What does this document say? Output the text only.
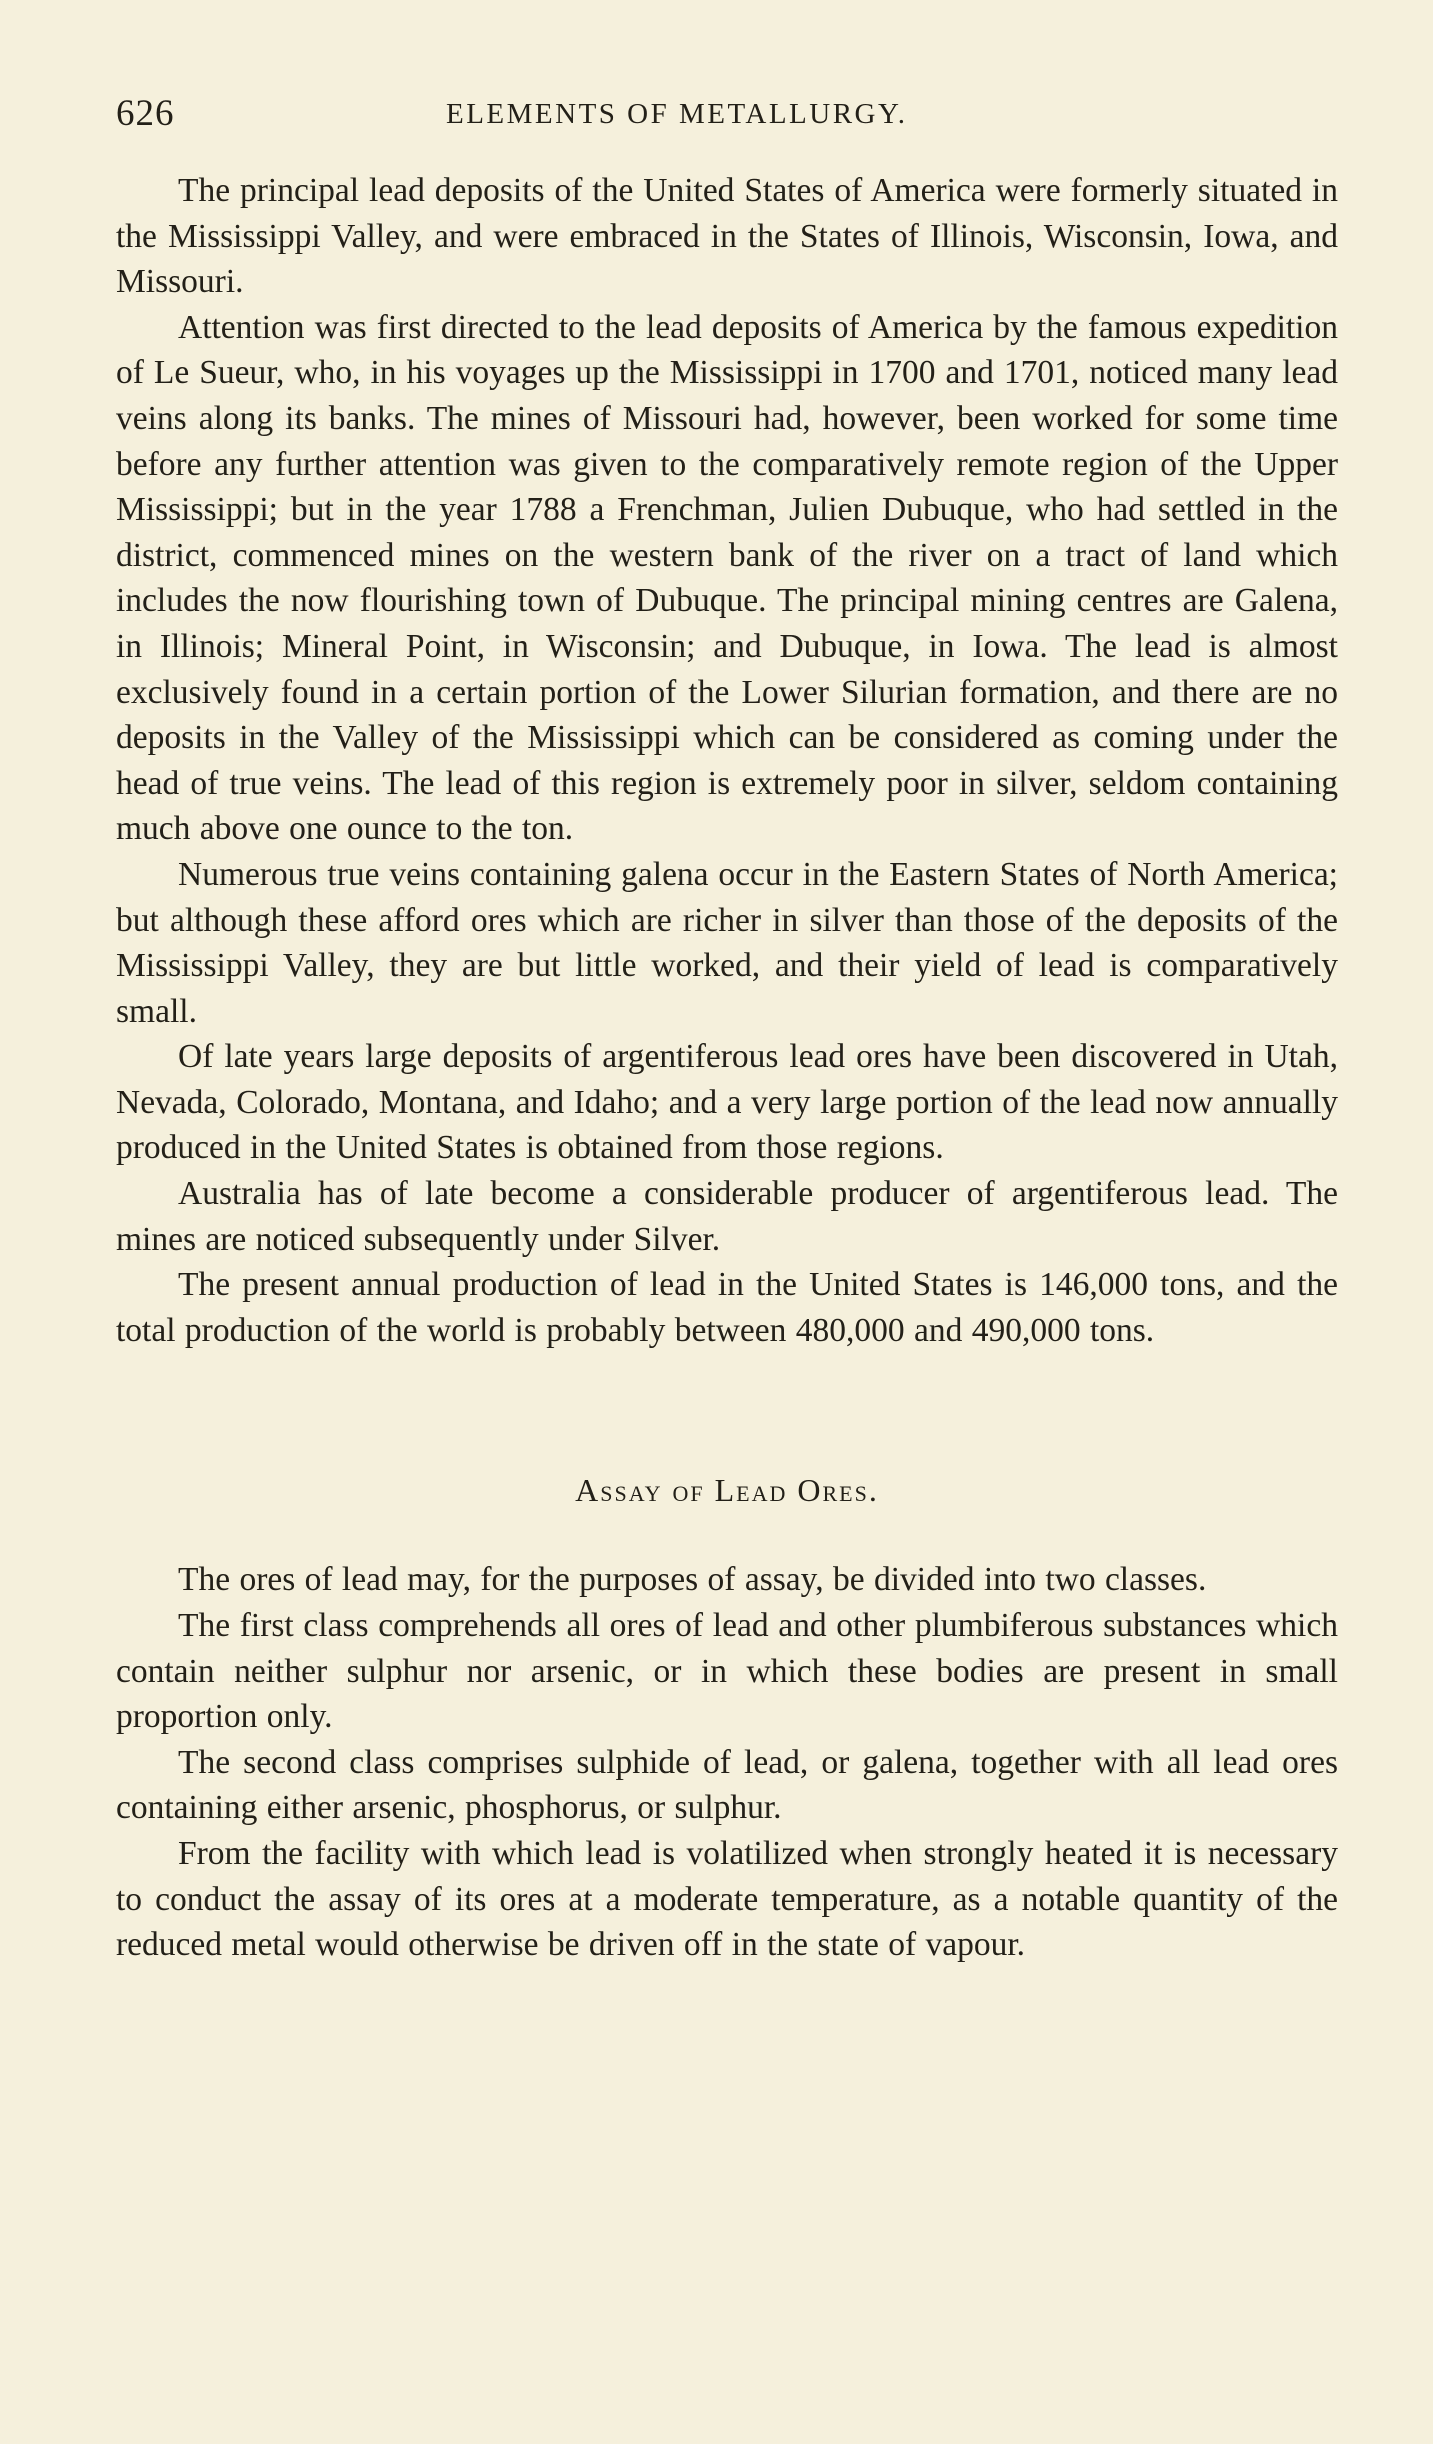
626	ELEMENTS OF METALLURGY.

The principal lead deposits of the United States of America were formerly situated in the Mississippi Valley, and were embraced in the States of Illinois, Wisconsin, Iowa, and Missouri.

Attention was first directed to the lead deposits of America by the famous expedition of Le Sueur, who, in his voyages up the Mississippi in 1700 and 1701, noticed many lead veins along its banks. The mines of Missouri had, however, been worked for some time before any further attention was given to the comparatively remote region of the Upper Mississippi; but in the year 1788 a Frenchman, Julien Dubuque, who had settled in the district, commenced mines on the western bank of the river on a tract of land which includes the now flourishing town of Dubuque. The principal mining centres are Galena, in Illinois; Mineral Point, in Wisconsin; and Dubuque, in Iowa. The lead is almost exclusively found in a certain portion of the Lower Silurian formation, and there are no deposits in the Valley of the Mississippi which can be considered as coming under the head of true veins. The lead of this region is extremely poor in silver, seldom containing much above one ounce to the ton.

Numerous true veins containing galena occur in the Eastern States of North America; but although these afford ores which are richer in silver than those of the deposits of the Mississippi Valley, they are but little worked, and their yield of lead is comparatively small.

Of late years large deposits of argentiferous lead ores have been discovered in Utah, Nevada, Colorado, Montana, and Idaho; and a very large portion of the lead now annually produced in the United States is obtained from those regions.

Australia has of late become a considerable producer of argentiferous lead. The mines are noticed subsequently under Silver.

The present annual production of lead in the United States is 146,000 tons, and the total production of the world is probably between 480,000 and 490,000 tons.

Assay of Lead Ores.

The ores of lead may, for the purposes of assay, be divided into two classes.

The first class comprehends all ores of lead and other plumbiferous substances which contain neither sulphur nor arsenic, or in which these bodies are present in small proportion only.

The second class comprises sulphide of lead, or galena, together with all lead ores containing either arsenic, phosphorus, or sulphur.

From the facility with which lead is volatilized when strongly heated it is necessary to conduct the assay of its ores at a moderate temperature, as a notable quantity of the reduced metal would otherwise be driven off in the state of vapour.
